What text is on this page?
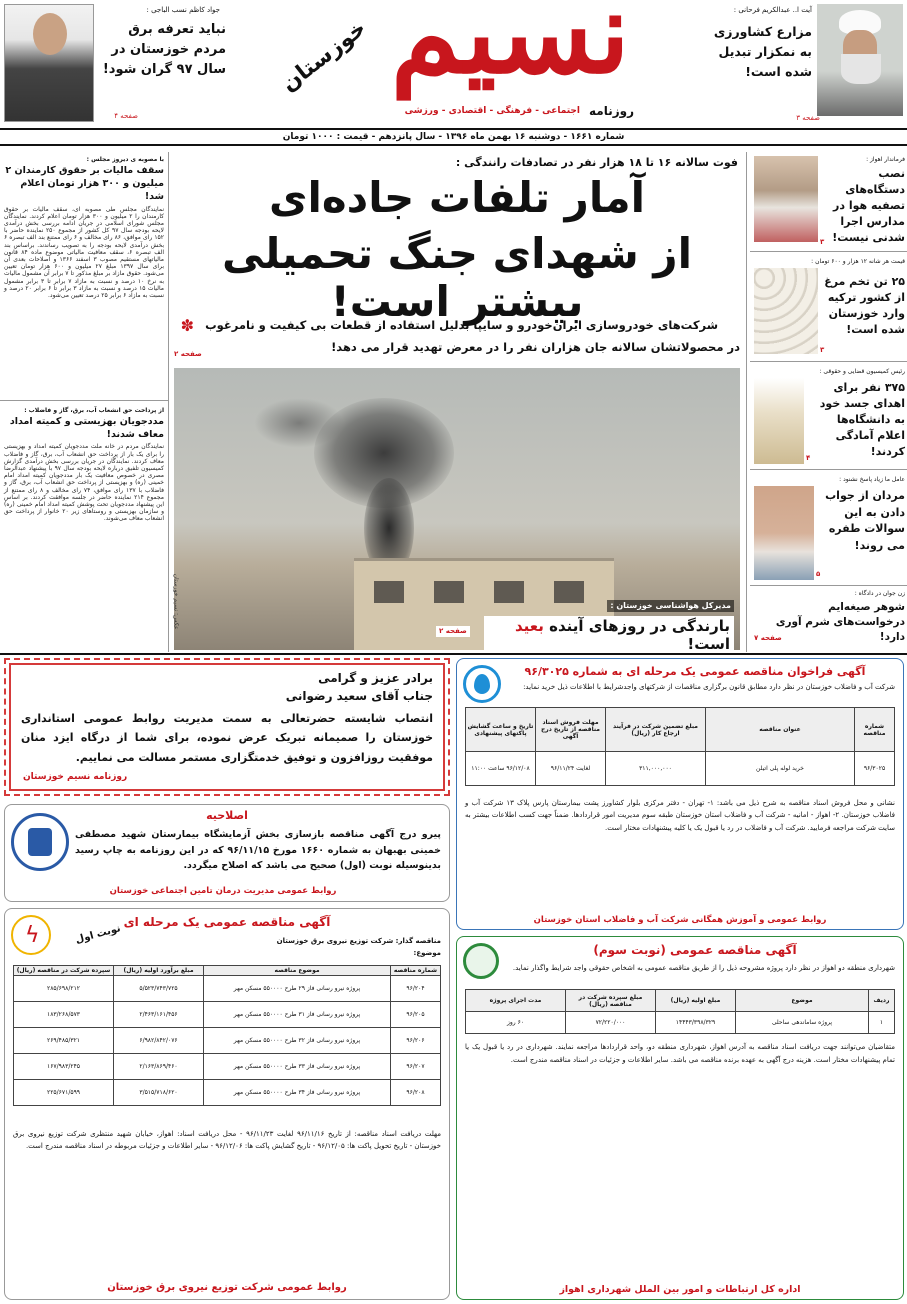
جواد کاظم نسب الباجی :
نباید تعرفه برق مردم خوزستان در سال ۹۷ گران شود!
صفحه ۴
نسیم
خوزستان
روزنامه
اجتماعی - فرهنگی - اقتصادی - ورزشی
آیت ا.. عبدالکریم فرحانی :
مزارع کشاورزی به نمکزار تبدیل شده است!
صفحه ۳
شماره ۱۶۶۱ - دوشنبه ۱۶ بهمن ماه ۱۳۹۶ - سال پانزدهم - قیمت : ۱۰۰۰ تومان
با مصوبه ی دیروز مجلس :
سقف مالیات بر حقوق کارمندان ۲ میلیون و ۳۰۰ هزار تومان اعلام شد!
نمایندگان مجلس طی مصوبه ای، سقف مالیات بر حقوق کارمندان را ۲ میلیون و ۳۰۰ هزار تومان اعلام کردند. نمایندگان مجلس شورای اسلامی در جریان ادامه بررسی بخش درآمدی لایحه بودجه سال ۹۷ کل کشور از مجموع ۲۵۰ نماینده حاضر با ۱۵۲ رای موافق، ۸۶ رای مخالف و ۶ رای ممتنع بند الف تبصره ۶ بخش درآمدی لایحه بودجه را به تصویب رساندند. براساس بند الف تبصره ۶، سقف معافیت مالیاتی موضوع ماده ۸۴ قانون مالیاتهای مستقیم مصوب ۳ اسفند ۱۳۶۶ و اصلاحات بعدی آن برای سال ۱۳۹۷ مبلغ ۲۷ میلیون و ۶۰۰ هزار تومان تعیین می‌شود. حقوق مازاد بر مبلغ مذکور تا ۷ برابر آن مشمول مالیات به نرخ ۱۰ درصد و نسبت به مازاد ۷ برابر تا ۳ برابر مشمول مالیات ۱۵ درصد و نسبت به مازاد ۳ برابر تا ۶ برابر ۲۰ درصد و نسبت به مازاد ۶ برابر ۲۵ درصد تعیین می‌شود.
از پرداخت حق انشعاب آب، برق، گاز و فاضلاب :
مددجویان بهزیستی و کمیته امداد معاف شدند!
نمایندگان مردم در خانه ملت مددجویان کمیته امداد و بهزیستی را برای یک بار از پرداخت حق انشعاب آب، برق، گاز و فاضلاب معاف کردند. نمایندگان در جریان بررسی بخش درآمدی گزارش کمیسیون تلفیق درباره لایحه بودجه سال ۹۷ با پیشنهاد عبدالرضا مصری در خصوص معافیت یک بار مددجویان کمیته امداد امام خمینی (ره) و بهزیستی از پرداخت حق انشعاب آب، برق، گاز و فاضلاب با ۱۳۷ رای موافق، ۷۴ رای مخالف و ۸ رای ممتنع از مجموع ۲۱۴ نماینده حاضر در جلسه موافقت کردند. بر اساس این پیشنهاد مددجویان تحت پوشش کمیته امداد امام خمینی (ره) و سازمان بهزیستی و روستاهای زیر ۲۰ خانوار از پرداخت حق انشعاب معاف می‌شوند.
فوت سالانه ۱۶ تا ۱۸ هزار نفر در تصادفات رانندگی :
آمار تلفات جاده‌ای
از شهدای جنگ تحمیلی بیشتر است!
✽ شرکت‌های خودروسازی ایران‌خودرو و سایپا بدلیل استفاده از قطعات بی کیفیت و نامرغوب
در محصولاتشان سالانه جان هزاران نفر را در معرض تهدید قرار می دهد!
صفحه ۲
مدیرکل هواشناسی خوزستان :
بارندگی در روزهای آینده بعید است!
صفحه ۲
عکس: نسیم خوزستان
فرماندار اهواز :
نصب دستگاه‌های تصفیه هوا در مدارس اجرا شدنی نیست!
۳
قیمت هر شانه ۱۲ هزار و ۶۰۰ تومان :
۲۵ تن تخم مرغ از کشور ترکیه وارد خوزستان شده است!
۳
رئیس کمیسیون قضایی و حقوقی :
۳۷۵ نفر برای اهدای جسد خود به دانشگاه‌ها اعلام آمادگی کردند!
۴
عامل ما زیاد پاسخ نشنود :
مردان از جواب دادن به این سوالات طفره می روند!
۵
زن جوان در دادگاه :
شوهر صیغه‌ایم درخواست‌های شرم آوری دارد!
صفحه ۷
برادر عزیز و گرامی
جناب آقای سعید رضوانی
انتصاب شایسته حضرتعالی به سمت مدیریت روابط عمومی استانداری خوزستان را صمیمانه تبریک عرض نموده، برای شما از درگاه ایزد منان موفقیت روزافزون و توفیق خدمتگزاری مستمر مسالت می نماییم.
روزنامه نسیم خوزستان
اصلاحیه
پیرو درج آگهی مناقصه بازسازی بخش آزمایشگاه بیمارستان شهید مصطفی خمینی بهبهان به شماره ۱۶۶۰ مورخ ۹۶/۱۱/۱۵ که در این روزنامه به چاپ رسید بدینوسیله نوبت (اول) صحیح می باشد که اصلاح میگردد.
روابط عمومی مدیریت درمان تامین اجتماعی خوزستان
آگهی مناقصه عمومی یک مرحله ای
نوبت اول
ϟ	مناقصه گذار: شرکت توزیع نیروی برق خوزستان
موضوع:
شماره مناقصه	موضوع مناقصه	مبلغ برآورد اولیه (ریال)	سپرده شرکت در مناقصه (ریال)
۹۶/۲۰۴	پروژه نیرو رسانی فاز ۲۹ طرح ۵۵۰۰۰۰ مسکن مهر	۵/۵۲۳/۷۴۳/۷۲۵	۲۸۵/۶۹۸/۲۱۲
۹۶/۲۰۵	پروژه نیرو رسانی فاز ۳۱ طرح ۵۵۰۰۰۰ مسکن مهر	۲/۴۶۳/۱۶۱/۴۵۶	۱۸۳/۲۶۸/۵۷۳
۹۶/۲۰۶	پروژه نیرو رسانی فاز ۳۲ طرح ۵۵۰۰۰۰ مسکن مهر	۶/۹۸۲/۸۴۲/۰۷۶	۲۶۹/۴۸۵/۳۲۱
۹۶/۲۰۷	پروژه نیرو رسانی فاز ۳۳ طرح ۵۵۰۰۰۰ مسکن مهر	۲/۱۶۳/۸۶۹/۴۶۰	۱۶۷/۹۸۳/۲۴۵
۹۶/۲۰۸	پروژه نیرو رسانی فاز ۳۴ طرح ۵۵۰۰۰۰ مسکن مهر	۳/۵۱۵/۷۱۸/۶۲۰	۲۲۵/۶۷۱/۵۹۹
مهلت دریافت اسناد مناقصه: از تاریخ ۹۶/۱۱/۱۶ لغایت ۹۶/۱۱/۲۳ - محل دریافت اسناد: اهواز، خیابان شهید منتظری شرکت توزیع نیروی برق خوزستان - تاریخ تحویل پاکت ها: ۹۶/۱۲/۰۵ - تاریخ گشایش پاکت ها: ۹۶/۱۲/۰۶ - سایر اطلاعات و جزئیات مربوطه در اسناد مناقصه مندرج است.
روابط عمومی شرکت توزیع نیروی برق خوزستان
آگهی فراخوان مناقصه عمومی یک مرحله ای به شماره ۹۶/۳۰۲۵
شرکت آب و فاضلاب خوزستان در نظر دارد مطابق قانون برگزاری مناقصات از شرکتهای واجدشرایط با اطلاعات ذیل خرید نماید:
شماره مناقصه	عنوان مناقصه	مبلغ تضمین شرکت در فرآیند ارجاع کار (ریال)	مهلت فروش اسناد مناقصه از تاریخ درج آگهی	تاریخ و ساعت گشایش پاکتهای پیشنهادی
۹۶/۳۰۲۵	خرید لوله پلی اتیلن	۳۱۱,۰۰۰,۰۰۰	لغایت ۹۶/۱۱/۲۴	۹۶/۱۲/۰۸ ساعت ۱۱:۰۰
نشانی و محل فروش اسناد مناقصه به شرح ذیل می باشد: ۱- تهران - دفتر مرکزی بلوار کشاورز پشت بیمارستان پارس پلاک ۱۳ شرکت آب و فاضلاب خوزستان. ۲- اهواز - امانیه - شرکت آب و فاضلاب استان خوزستان طبقه سوم مدیریت امور قراردادها. ضمناً جهت کسب اطلاعات بیشتر به سایت شرکت مراجعه فرمایید. شرکت آب و فاضلاب در رد یا قبول یک یا کلیه پیشنهادات مختار است.
روابط عمومی و آموزش همگانی شرکت آب و فاضلاب استان خوزستان
آگهی مناقصه عمومی (نوبت سوم)
شهرداری منطقه دو اهواز در نظر دارد پروژه مشروحه ذیل را از طریق مناقصه عمومی به اشخاص حقوقی واجد شرایط واگذار نماید.
ردیف	موضوع	مبلغ اولیه (ریال)	مبلغ سپرده شرکت در مناقصه (ریال)	مدت اجرای پروژه
۱	پروژه ساماندهی ساحلی	۱۴۴۴۳/۳۹۸/۳۲۹	۷۲/۲۲۰/۰۰۰	۶۰ روز
متقاضیان می‌توانند جهت دریافت اسناد مناقصه به آدرس اهواز، شهرداری منطقه دو، واحد قراردادها مراجعه نمایند. شهرداری در رد یا قبول یک یا تمام پیشنهادات مختار است. هزینه درج آگهی به عهده برنده مناقصه می باشد. سایر اطلاعات و جزئیات در اسناد مناقصه مندرج است.
اداره کل ارتباطات و امور بین الملل شهرداری اهواز
